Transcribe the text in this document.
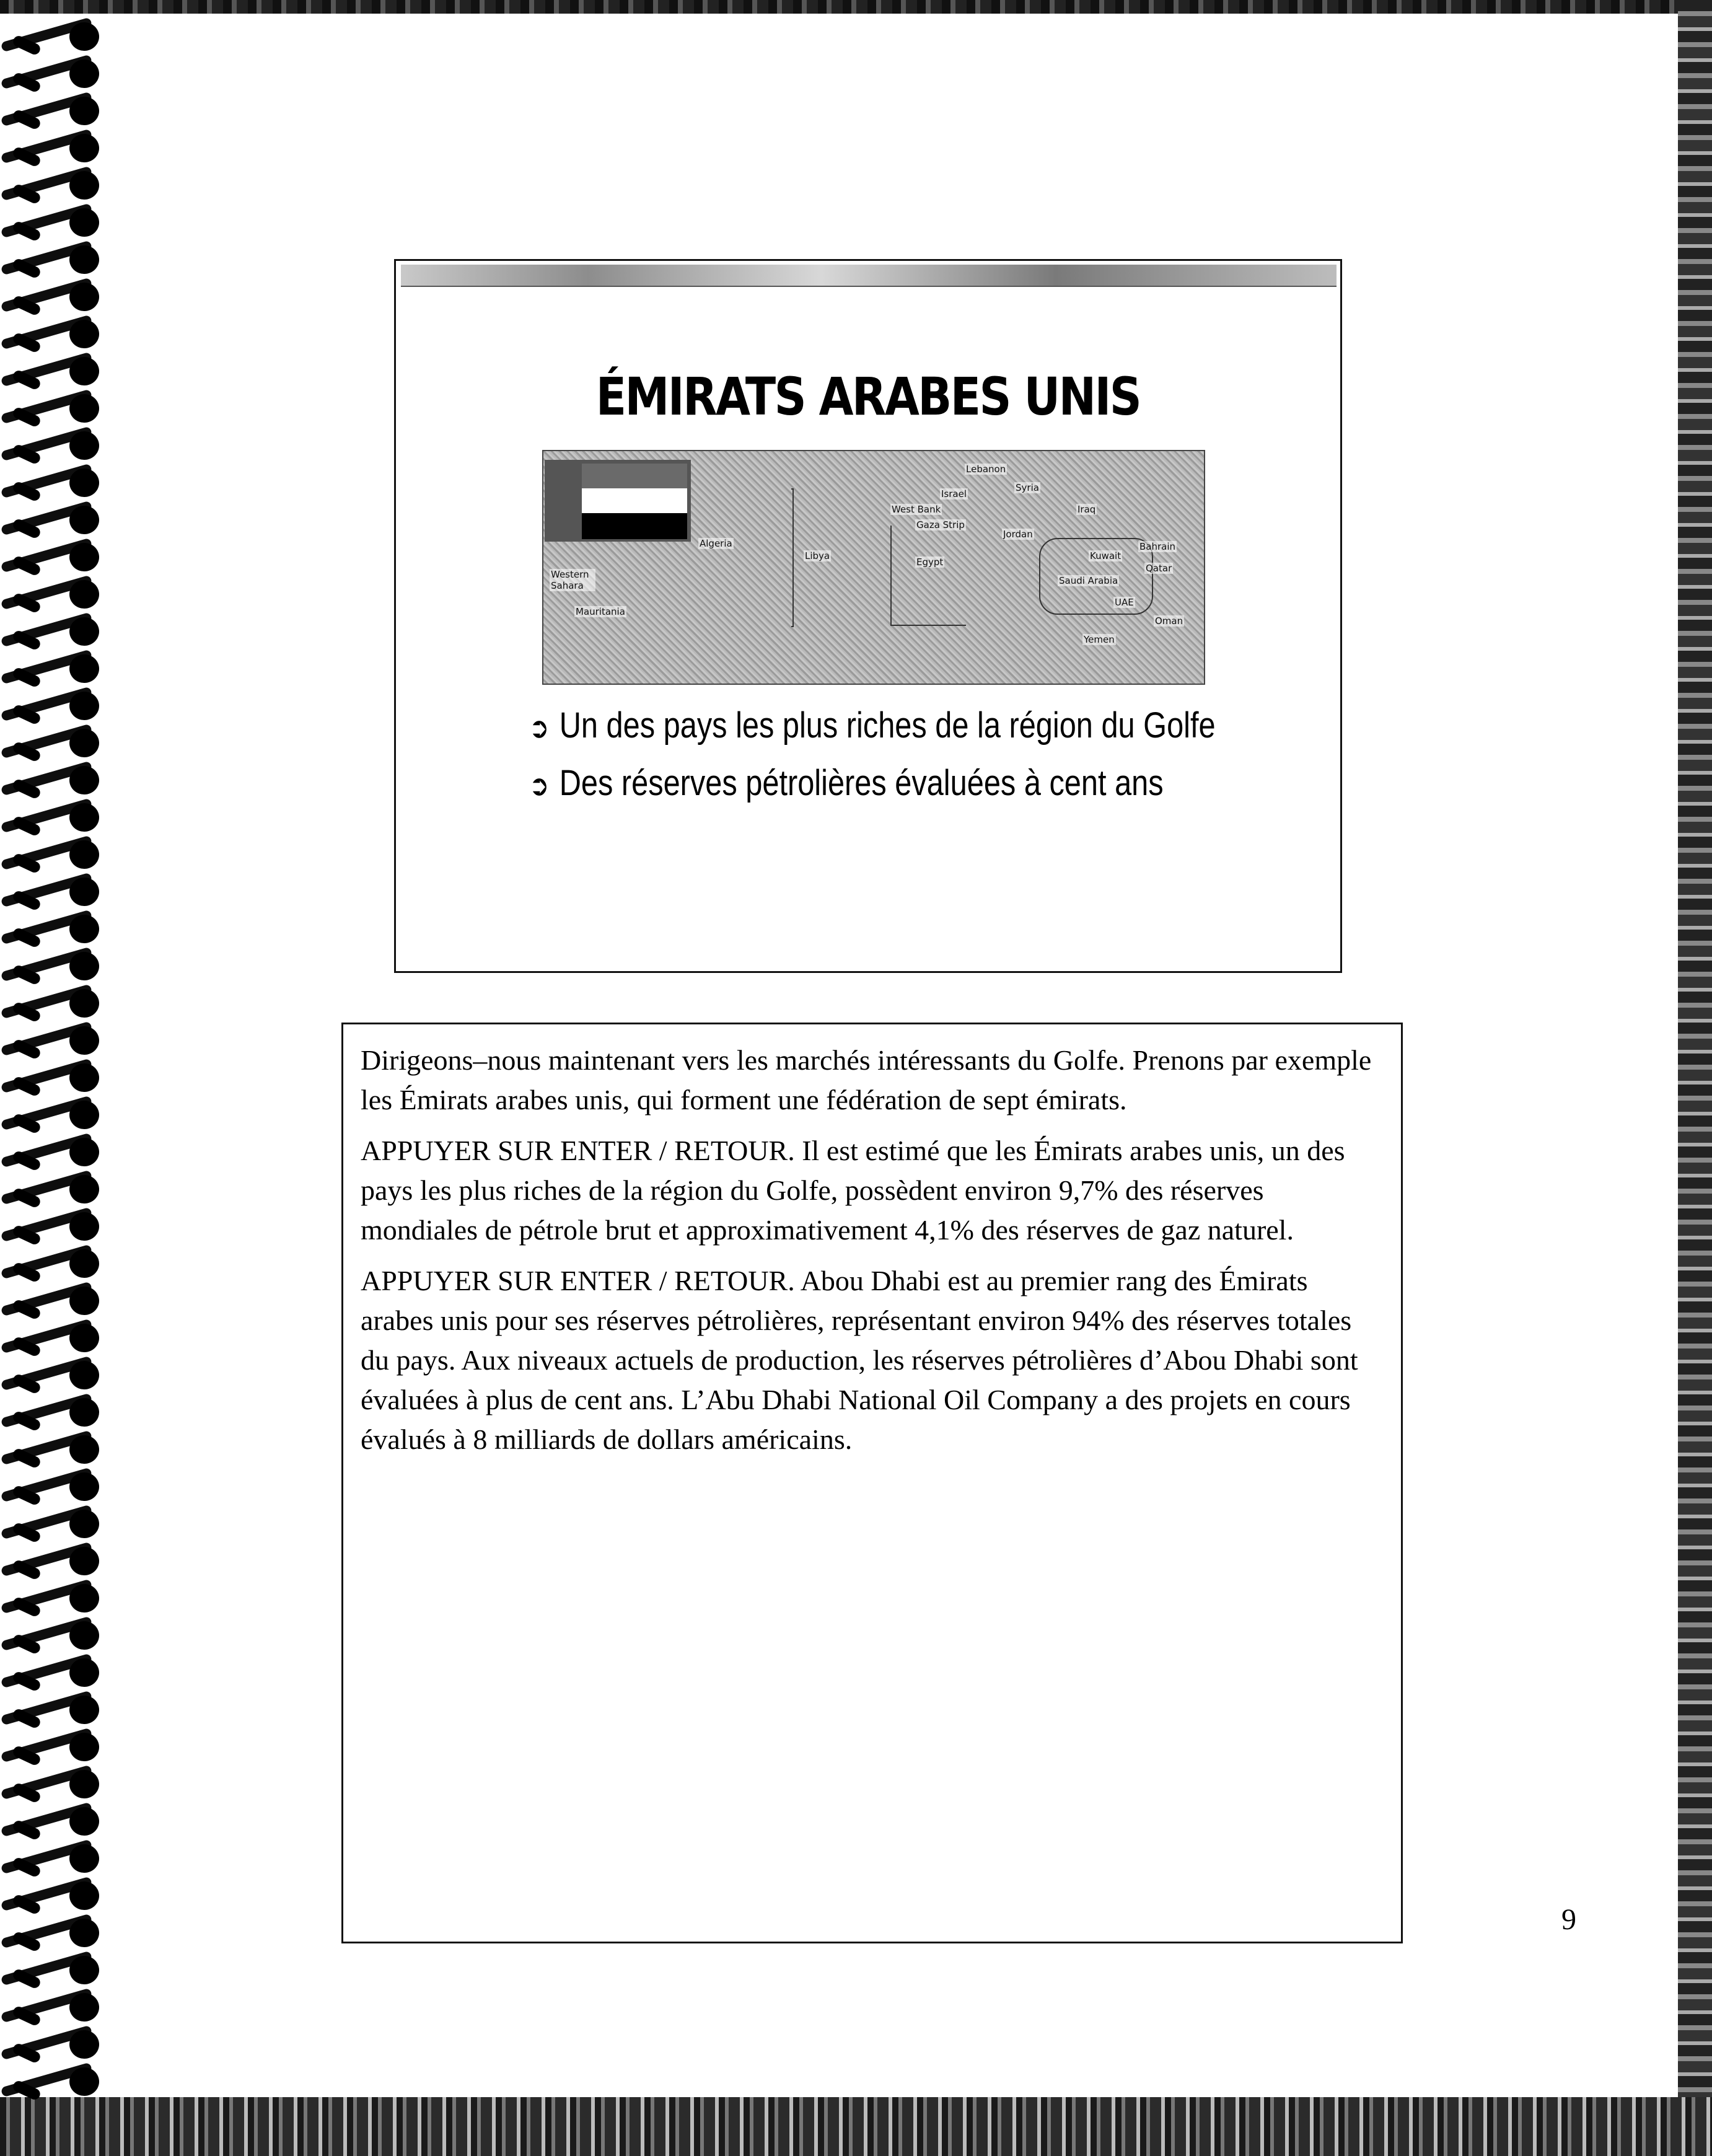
ÉMIRATS ARABES UNIS
Lebanon
Syria
Israel
Iraq
West Bank
Gaza Strip
Jordan
Algeria
Libya
Egypt
Kuwait
Bahrain
Qatar
Saudi Arabia
UAE
Oman
Yemen
Western Sahara
Mauritania
➲ Un des pays les plus riches de la région du Golfe
➲ Des réserves pétrolières évaluées à cent ans

Dirigeons–nous maintenant vers les marchés intéressants du Golfe. Prenons par exemple les Émirats arabes unis, qui forment une fédération de sept émirats.

APPUYER SUR ENTER / RETOUR. Il est estimé que les Émirats arabes unis, un des pays les plus riches de la région du Golfe, possèdent environ 9,7% des réserves mondiales de pétrole brut et approximativement 4,1% des réserves de gaz naturel.

APPUYER SUR ENTER / RETOUR. Abou Dhabi est au premier rang des Émirats arabes unis pour ses réserves pétrolières, représentant environ 94% des réserves totales du pays. Aux niveaux actuels de production, les réserves pétrolières d’Abou Dhabi sont évaluées à plus de cent ans. L’Abu Dhabi National Oil Company a des projets en cours évalués à 8 milliards de dollars américains.

9
